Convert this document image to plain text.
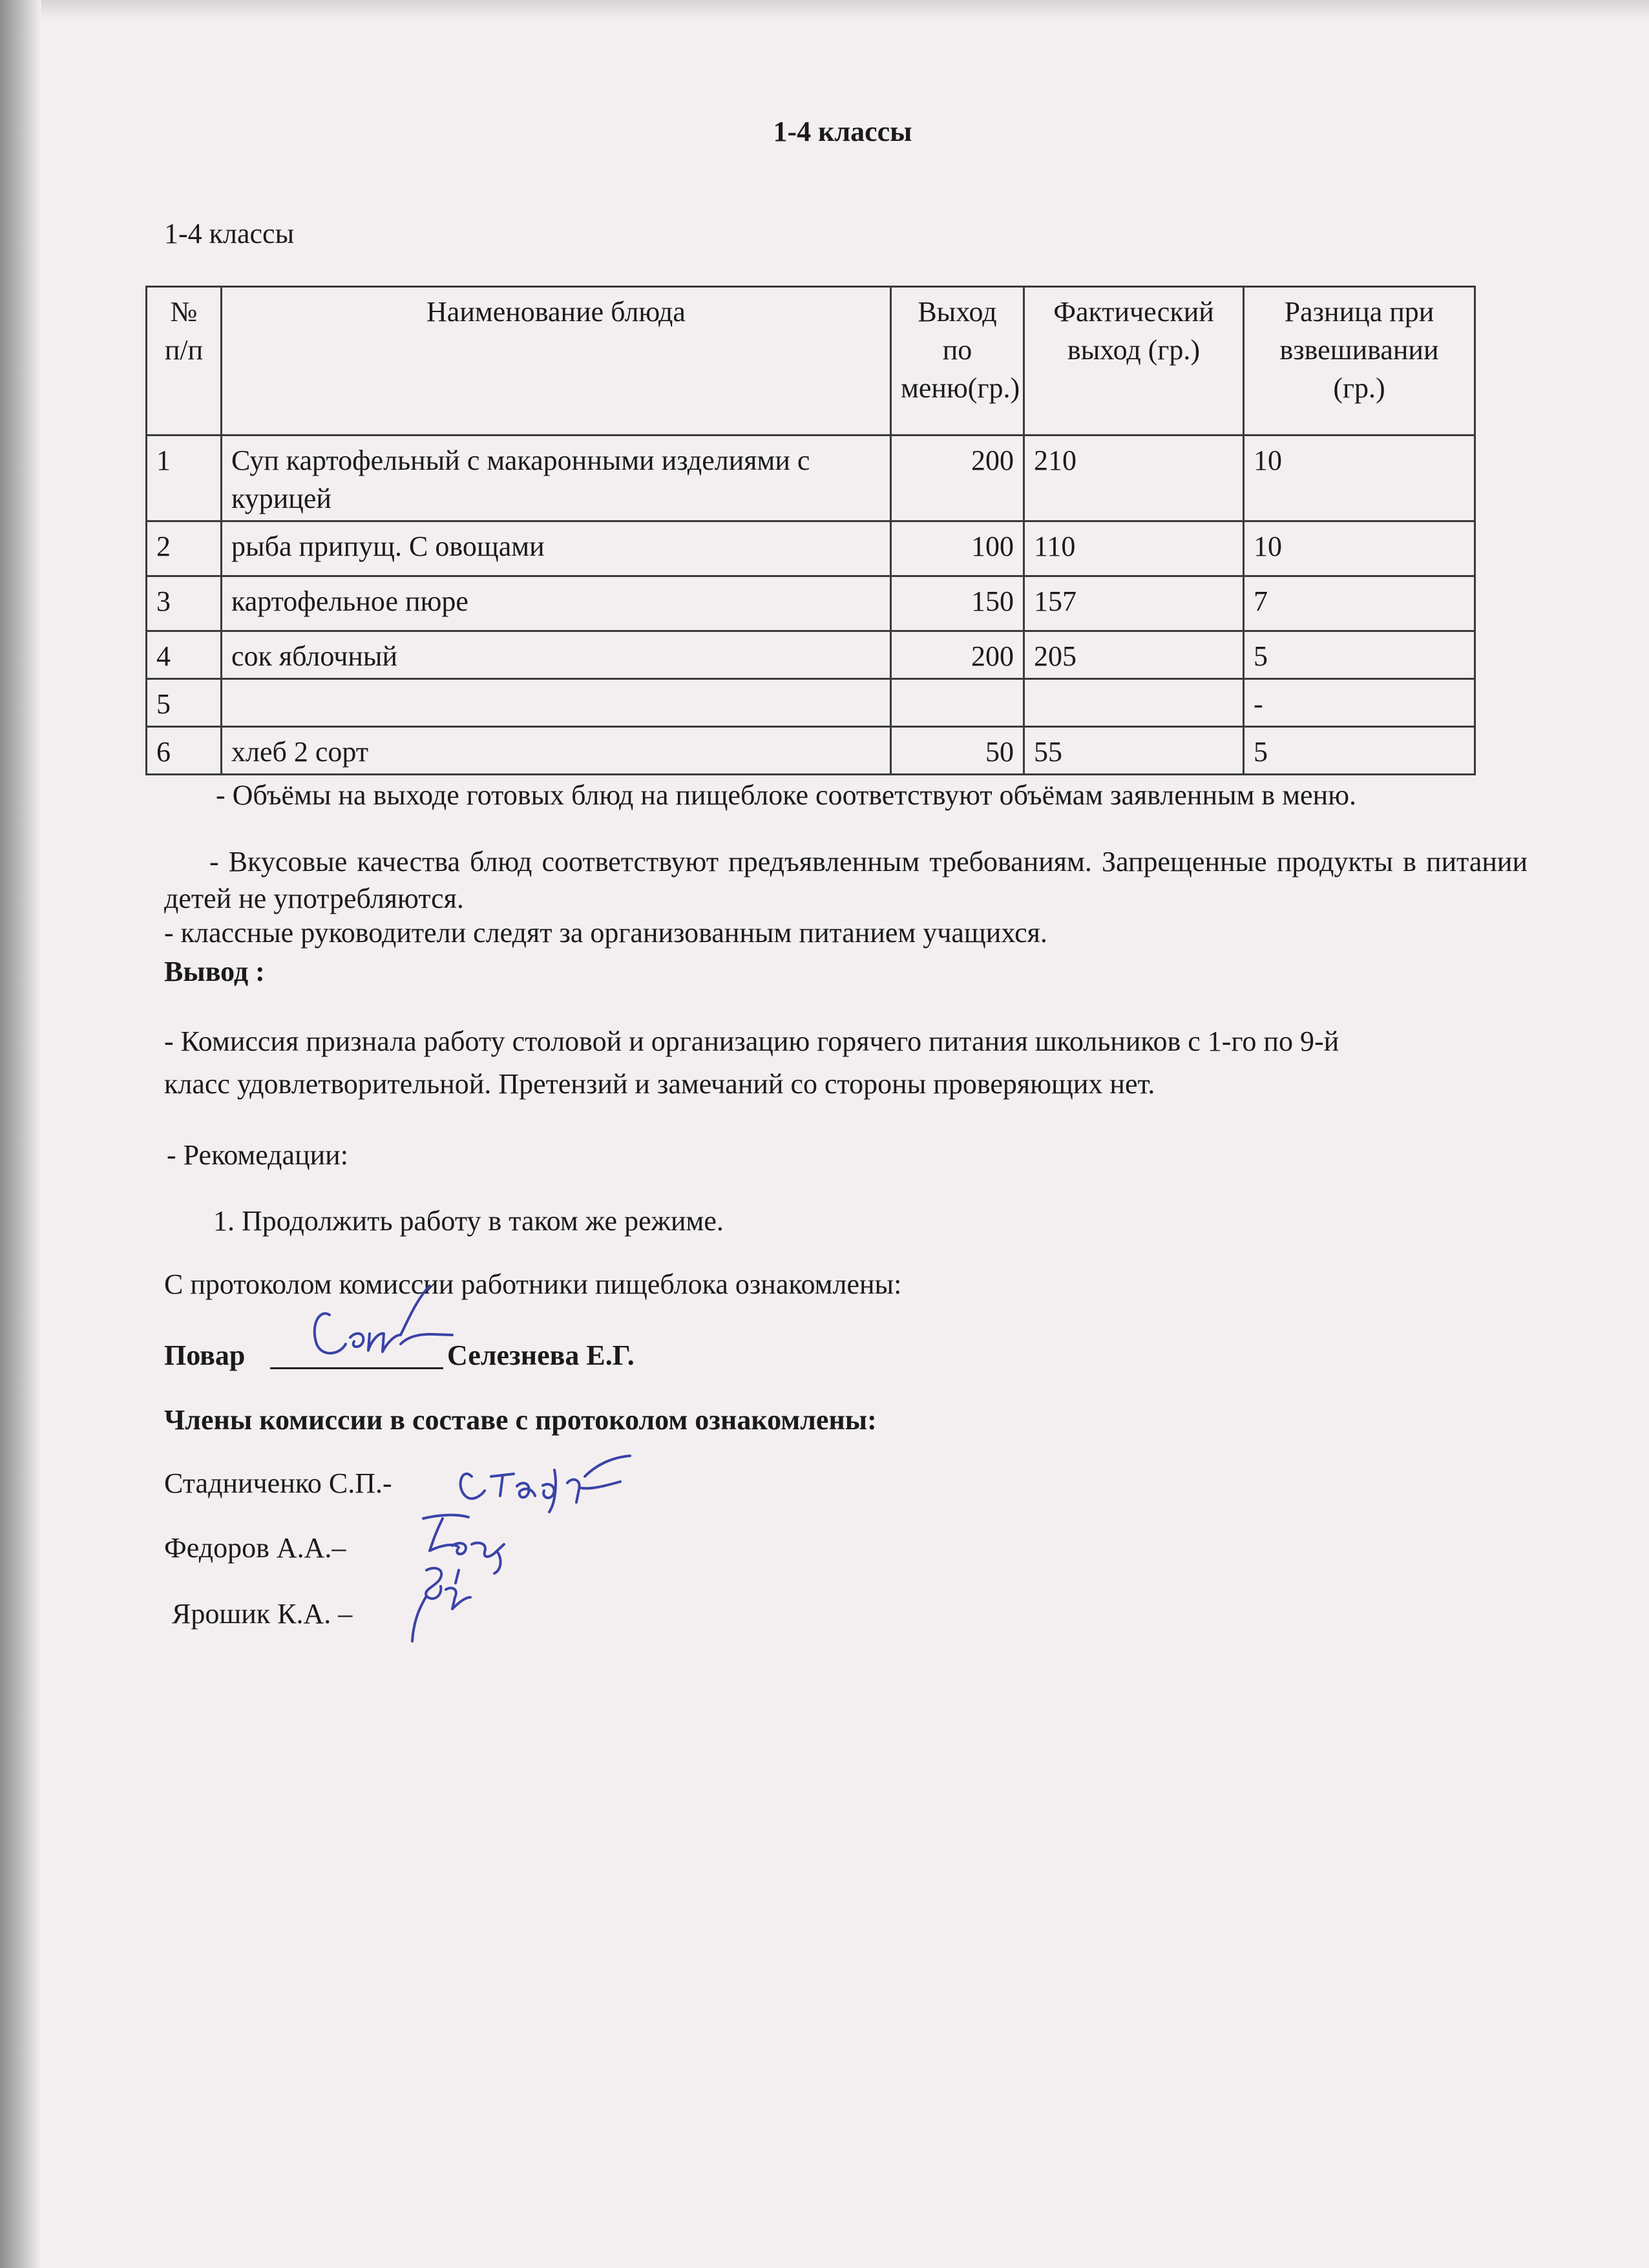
1-4 классы
1-4 классы
№ п/п	Наименование блюда	Выход по меню(гр.)	Фактический выход (гр.)	Разница при взвешивании (гр.)
1	Суп картофельный с макаронными изделиями с курицей	200	210	10
2	рыба припущ. С овощами	100	110	10
3	картофельное пюре	150	157	7
4	сок яблочный	200	205	5
5				-
6	хлеб 2 сорт	50	55	5
- Объёмы на выходе готовых блюд на пищеблоке соответствуют объёмам заявленным в меню.
- Вкусовые качества блюд соответствуют предъявленным требованиям. Запрещенные продукты в питании детей не употребляются.
- классные руководители следят за организованным питанием учащихся.
Вывод :
- Комиссия признала работу столовой и организацию горячего питания школьников с 1-го по 9-й
класс удовлетворительной. Претензий и замечаний со стороны проверяющих нет.
- Рекомедации:
1. Продолжить работу в таком же режиме.
С протоколом комиссии работники пищеблока ознакомлены:
Повар	Селезнева Е.Г.
Члены комиссии в составе с протоколом ознакомлены:
Стадниченко С.П.-
Федоров А.А.–
Ярошик К.А. –
